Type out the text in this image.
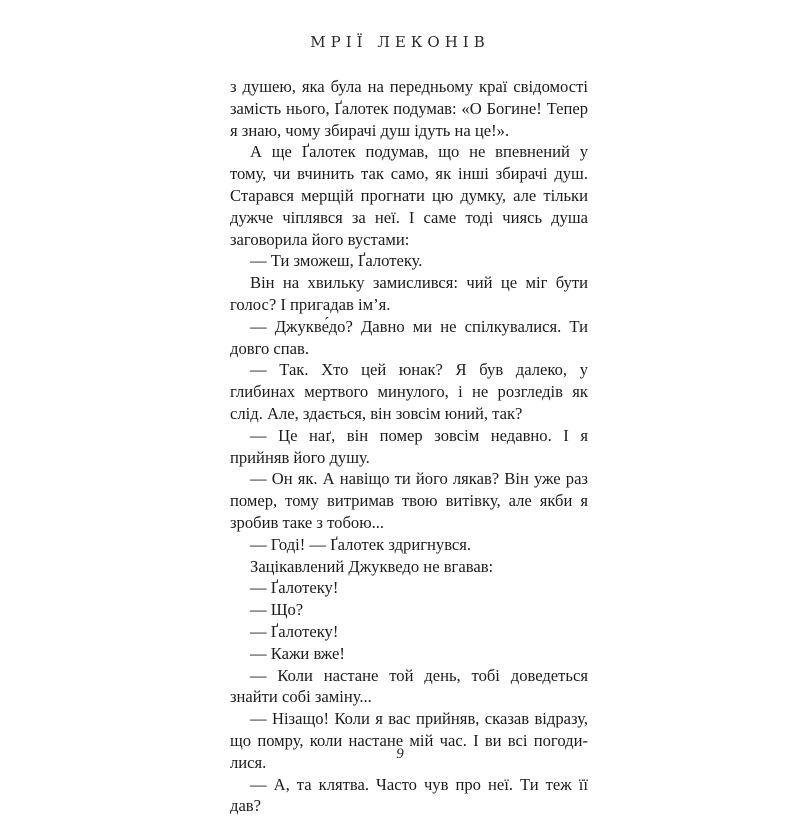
МРІЇ ЛЕКОНІВ

з душею, яка була на передньому краї свідомості замість нього, Ґалотек подумав: «О Богине! Тепер я знаю, чому збирачі душ ідуть на це!».

А ще Ґалотек подумав, що не впевнений у тому, чи вчинить так само, як інші збирачі душ. Старався мерщій прогнати цю думку, але тільки дужче чіплявся за неї. І саме тоді чиясь душа заговорила його вустами:

— Ти зможеш, Ґалотеку.

Він на хвильку замислився: чий це міг бути голос? І пригадав ім’я.

— Джукве́до? Давно ми не спілкувалися. Ти довго спав.

— Так. Хто цей юнак? Я був далеко, у глибинах мертвого минулого, і не розгледів як слід. Але, здається, він зовсім юний, так?

— Це наґ, він помер зовсім недавно. І я прийняв його душу.

— Он як. А навіщо ти його лякав? Він уже раз помер, тому витримав твою витівку, але якби я зробив таке з тобою...

— Годі! — Ґалотек здригнувся.

Зацікавлений Джукведо не вгавав:

— Ґалотеку!

— Що?

— Ґалотеку!

— Кажи вже!

— Коли настане той день, тобі доведеться знайти собі заміну...

— Нізащо! Коли я вас прийняв, сказав відразу, що помру, коли настане мій час. І ви всі погодилися.

— А, та клятва. Часто чув про неї. Ти теж її дав?

9
